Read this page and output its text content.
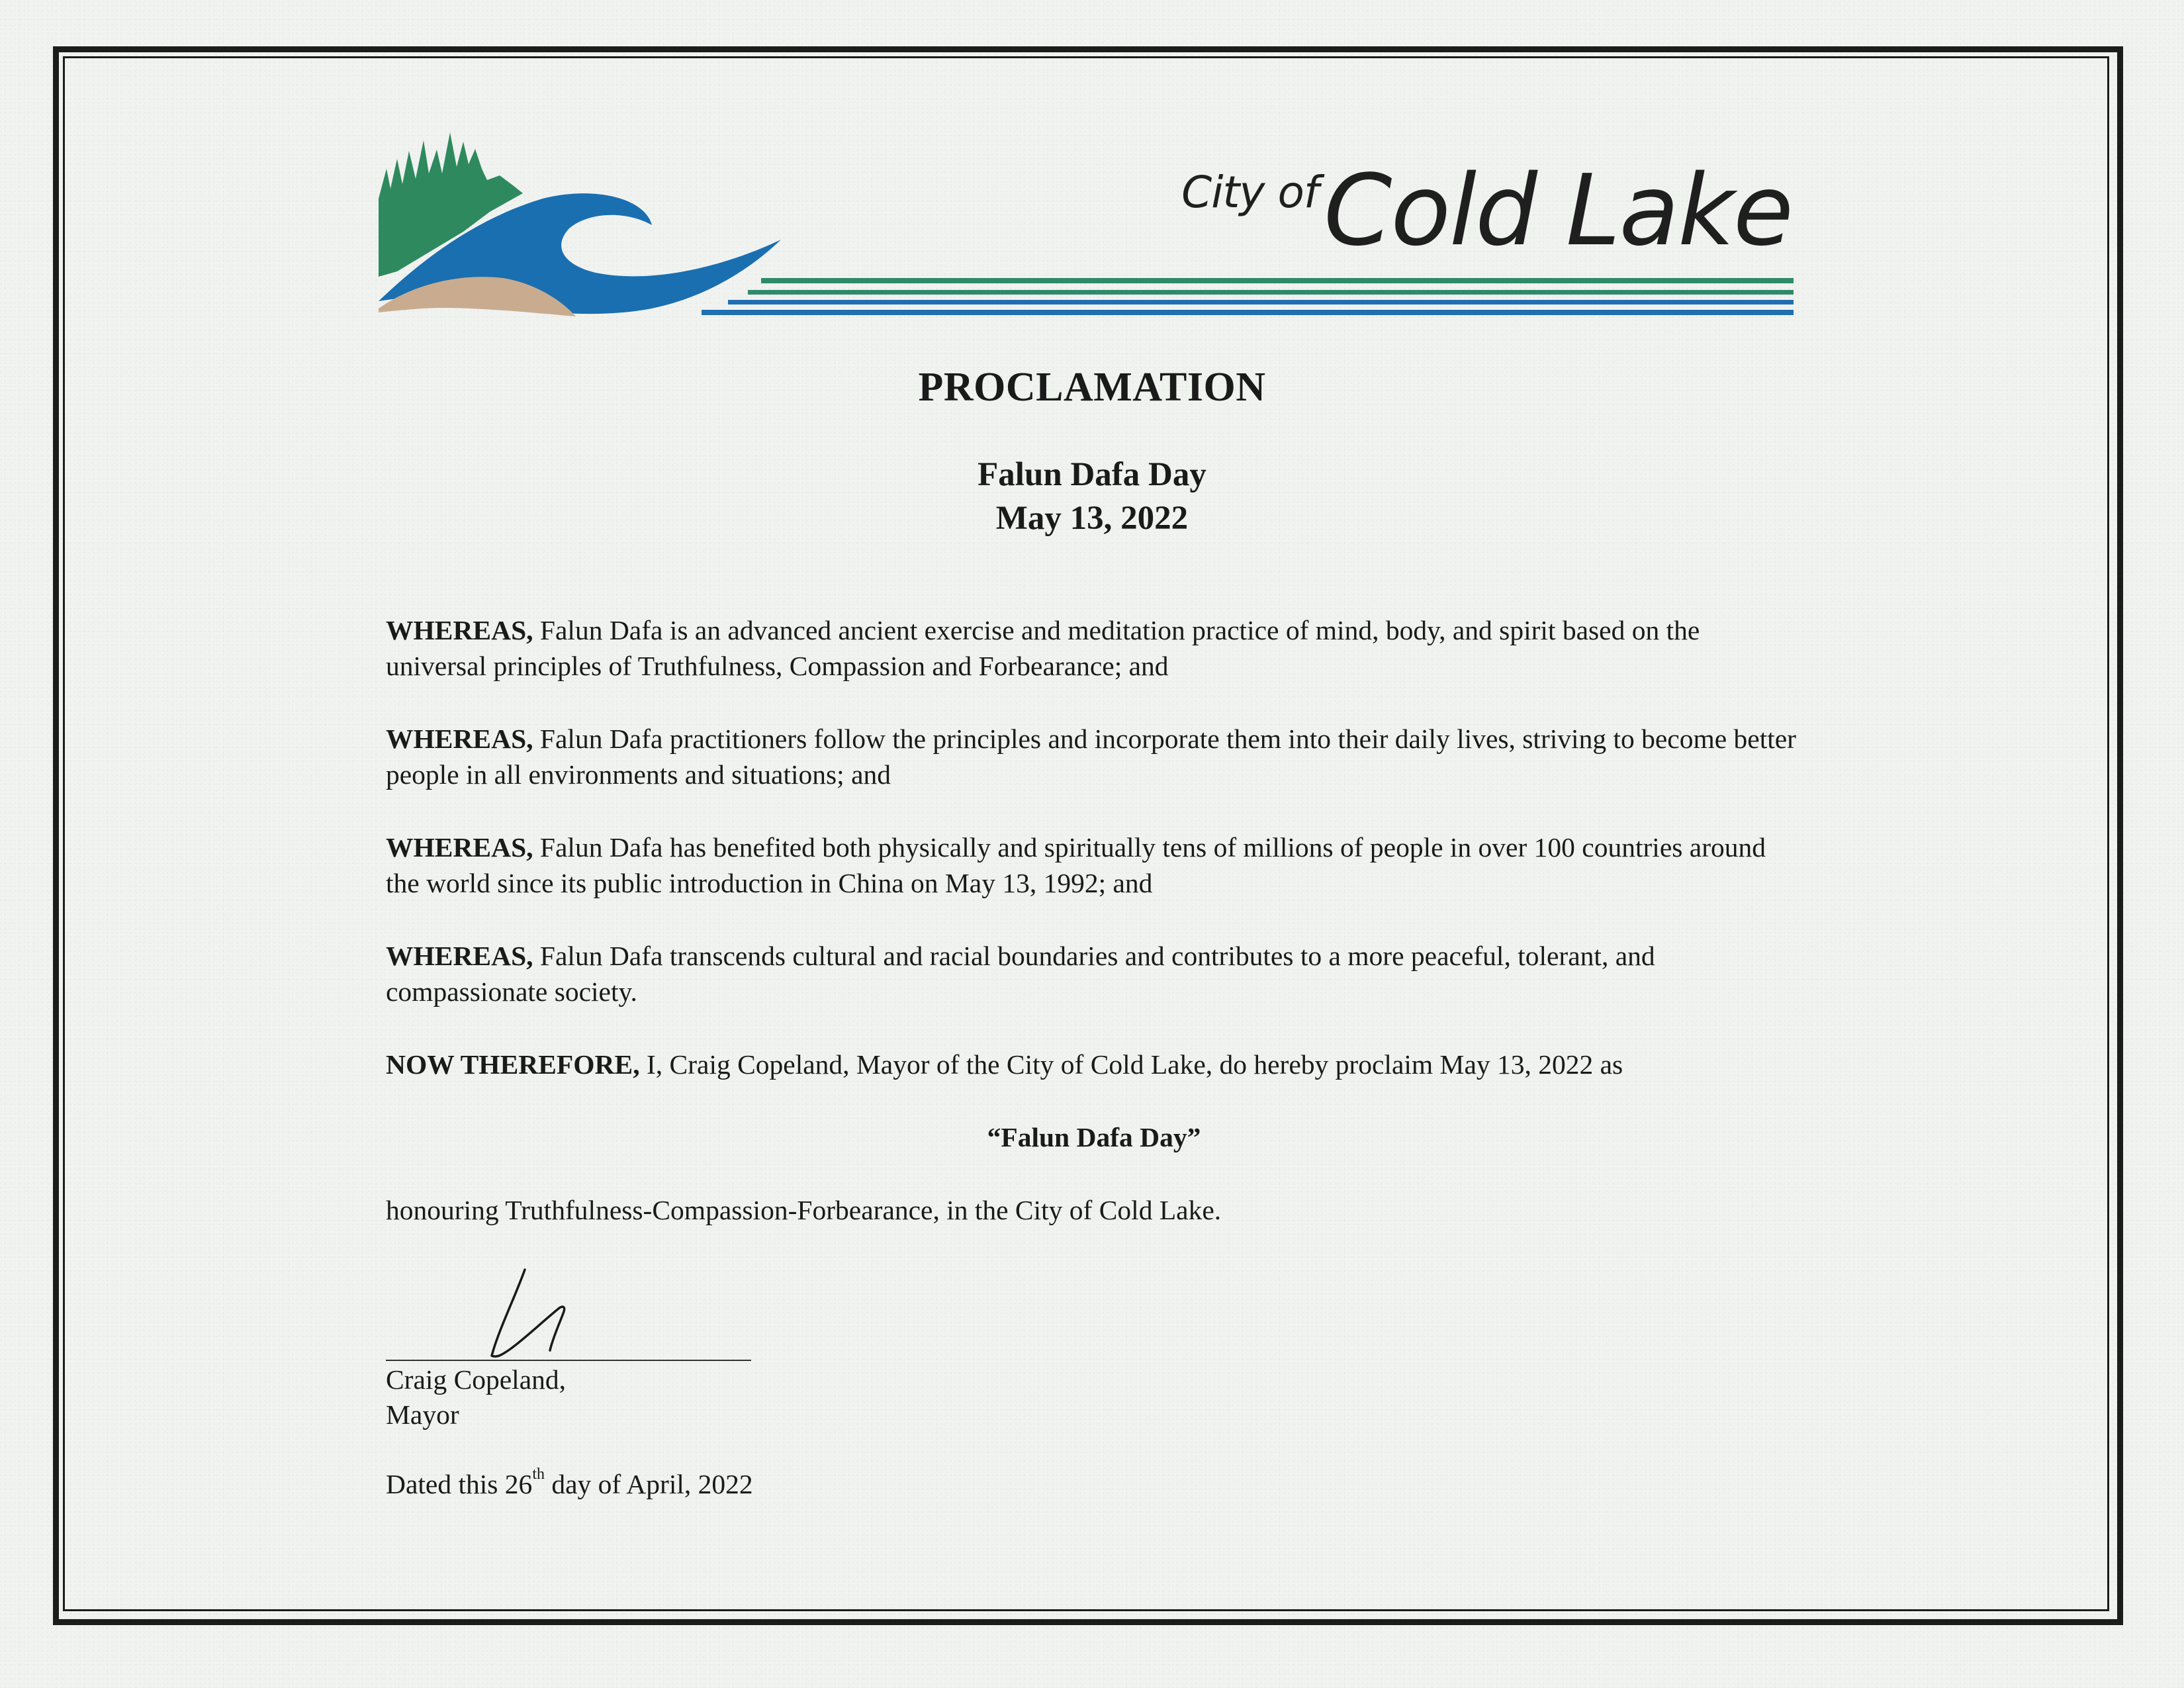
City ofCold Lake
PROCLAMATION
Falun Dafa Day
May 13, 2022

WHEREAS, Falun Dafa is an advanced ancient exercise and meditation practice of mind, body, and spirit based on the universal principles of Truthfulness, Compassion and Forbearance; and

WHEREAS, Falun Dafa practitioners follow the principles and incorporate them into their daily lives, striving to become better people in all environments and situations; and

WHEREAS, Falun Dafa has benefited both physically and spiritually tens of millions of people in over 100 countries around the world since its public introduction in China on May 13, 1992; and

WHEREAS, Falun Dafa transcends cultural and racial boundaries and contributes to a more peaceful, tolerant, and compassionate society.

NOW THEREFORE, I, Craig Copeland, Mayor of the City of Cold Lake, do hereby proclaim May 13, 2022 as

“Falun Dafa Day”

honouring Truthfulness-Compassion-Forbearance, in the City of Cold Lake.

Craig Copeland,
Mayor
Dated this 26th day of April, 2022
